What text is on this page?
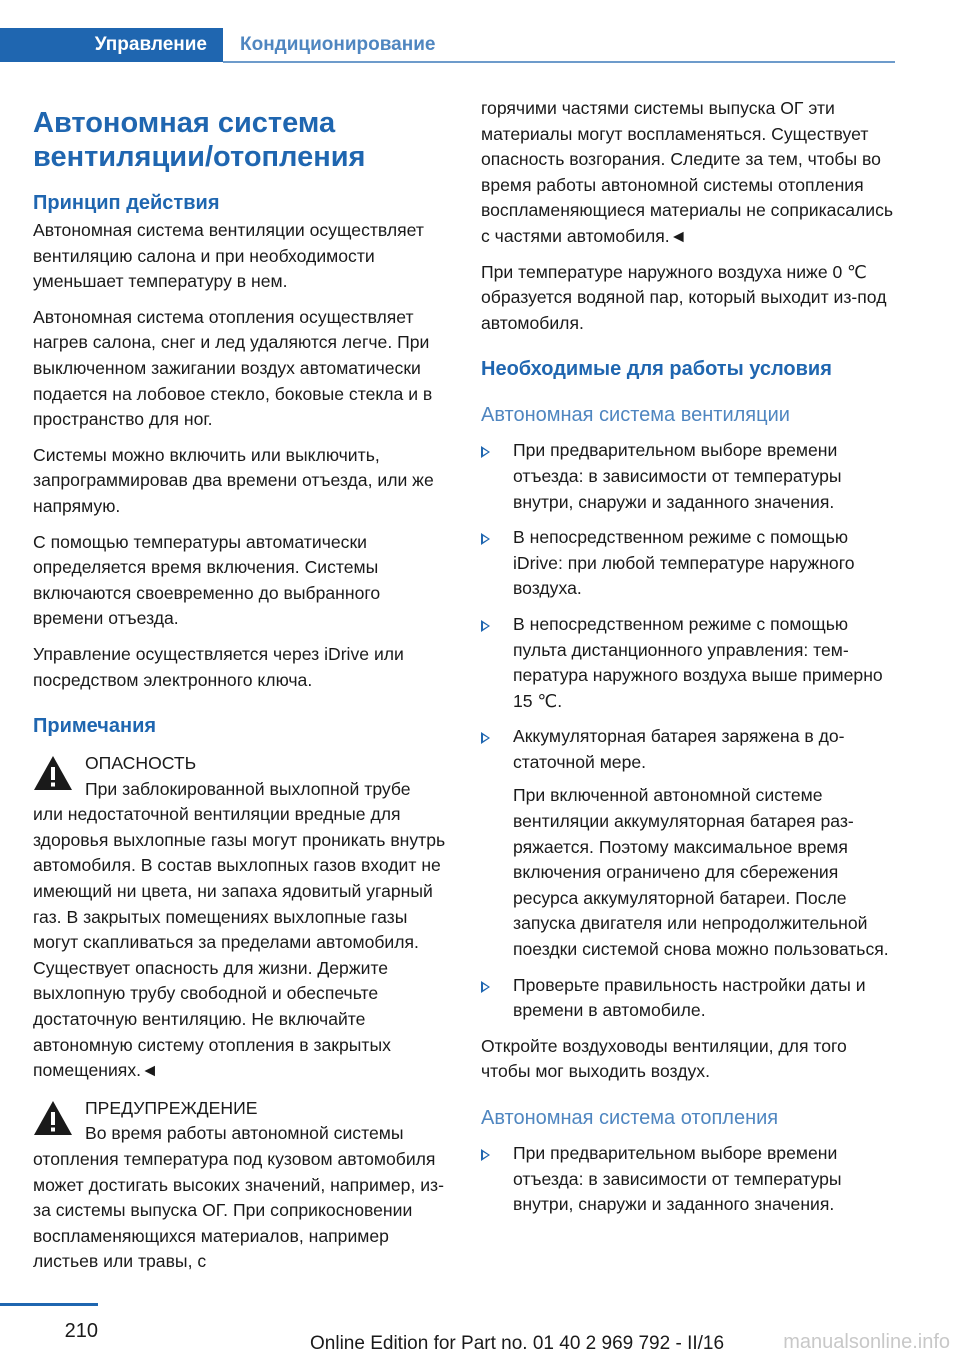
Управление Кондиционирование
Автономная система вентиляции/отопления
Принцип действия

Автономная система вентиляции осуществляет вентиляцию салона и при необходимости уменьшает температуру в нем.

Автономная система отопления осуществляет нагрев салона, снег и лед удаляются легче. При выключенном зажигании воздух автоматически подается на лобовое стекло, боковые стекла и в пространство для ног.

Системы можно включить или выключить, запрограммировав два времени отъезда, или же напрямую.

С помощью температуры автоматически определяется время включения. Системы включаются своевременно до выбранного времени отъезда.

Управление осуществляется через iDrive или посредством электронного ключа.

Примечания

ОПАСНОСТЬ

При заблокированной выхлопной трубе
или недостаточной вентиляции вредные для здоровья выхлопные газы могут проникать внутрь автомобиля. В состав выхлопных газов входит не имеющий ни цвета, ни запаха ядовитый угарный газ. В закрытых помещениях выхлопные газы могут скапливаться за пределами автомобиля. Существует опасность для жизни. Держите выхлопную трубу свободной и обеспечьте достаточную вентиляцию. Не включайте автономную систему отопления в закрытых помещениях.◄

ПРЕДУПРЕЖДЕНИЕ

Во время работы автономной системы
отопления температура под кузовом автомобиля может достигать высоких значений, например, из-за системы выпуска ОГ. При соприкосновении воспламеняющихся материалов, например листьев или травы, с

горячими частями системы выпуска ОГ эти материалы могут воспламеняться. Существует опасность возгорания. Следите за тем, чтобы во время работы автономной системы отопления воспламеняющиеся материалы не соприкасались с частями автомобиля.◄

При температуре наружного воздуха ниже 0 ℃ образуется водяной пар, который выходит из-под автомобиля.

Необходимые для работы условия
Автономная система вентиляции
При предварительном выборе времени отъезда: в зависимости от температуры внутри, снаружи и заданного значения.
В непосредственном режиме с помощью iDrive: при любой температуре наружного воздуха.
В непосредственном режиме с помощью пульта дистанционного управления: температура наружного воздуха выше примерно 15 ℃.
Аккумуляторная батарея заряжена в достаточной мере.
При включенной автономной системе вентиляции аккумуляторная батарея разряжается. Поэтому максимальное время включения ограничено для сбережения ресурса аккумуляторной батареи. После запуска двигателя или непродолжительной поездки системой снова можно пользоваться.
Проверьте правильность настройки даты и времени в автомобиле.

Откройте воздуховоды вентиляции, для того чтобы мог выходить воздух.

Автономная система отопления
При предварительном выборе времени отъезда: в зависимости от температуры внутри, снаружи и заданного значения.
210
Online Edition for Part no. 01 40 2 969 792 - II/16	manualsonline.info
